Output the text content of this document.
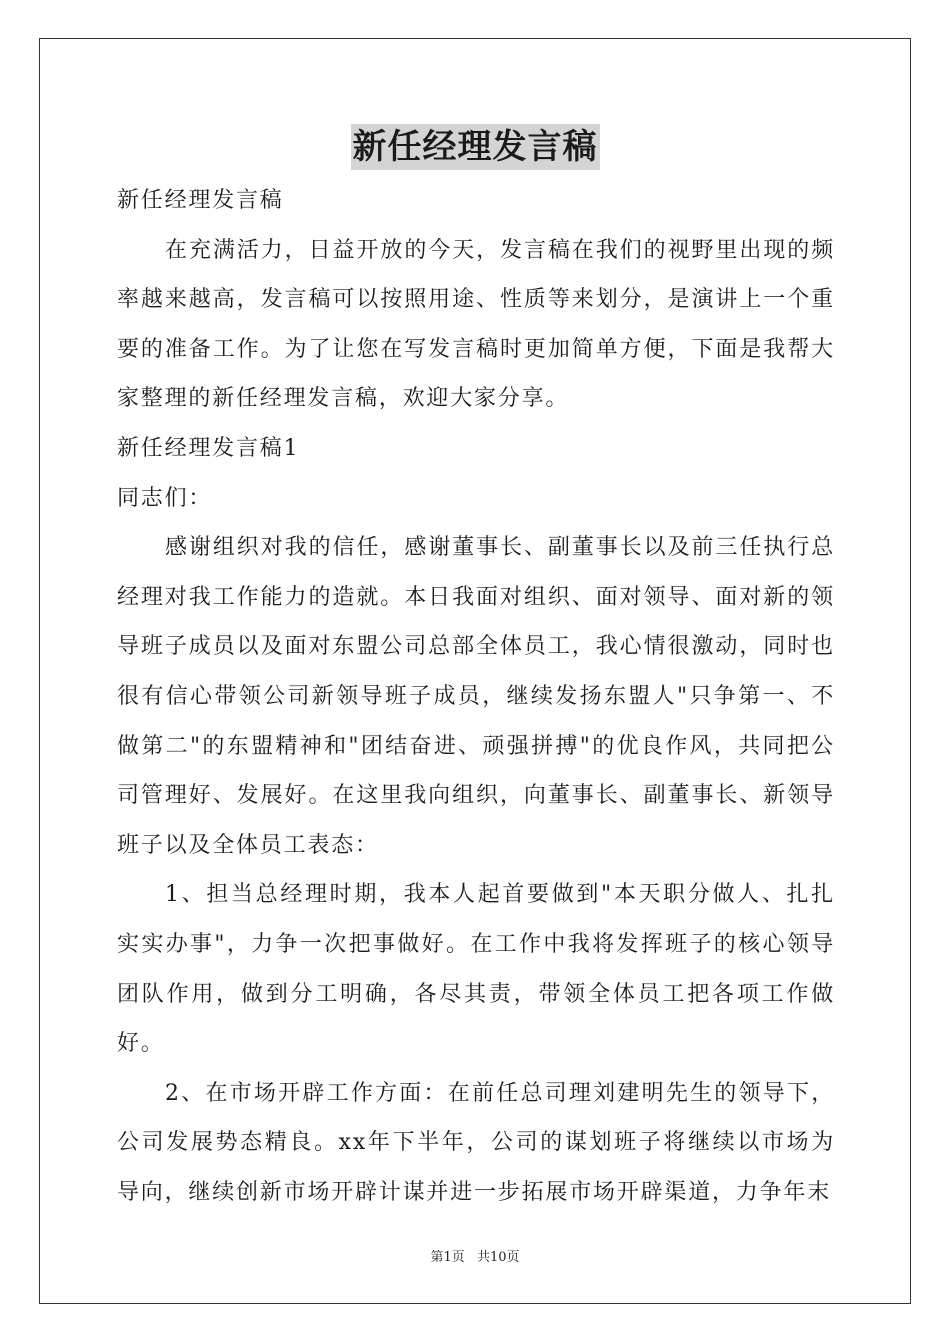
新任经理发言稿

新任经理发言稿

在充满活力，日益开放的今天，发言稿在我们的视野里出现的频率越来越高，发言稿可以按照用途、性质等来划分，是演讲上一个重要的准备工作。为了让您在写发言稿时更加简单方便，下面是我帮大家整理的新任经理发言稿，欢迎大家分享。

新任经理发言稿1

同志们：

感谢组织对我的信任，感谢董事长、副董事长以及前三任执行总经理对我工作能力的造就。本日我面对组织、面对领导、面对新的领导班子成员以及面对东盟公司总部全体员工，我心情很激动，同时也很有信心带领公司新领导班子成员，继续发扬东盟人"只争第一、不做第二"的东盟精神和"团结奋进、顽强拼搏"的优良作风，共同把公司管理好、发展好。在这里我向组织，向董事长、副董事长、新领导班子以及全体员工表态：

1、担当总经理时期，我本人起首要做到"本天职分做人、扎扎实实办事"，力争一次把事做好。在工作中我将发挥班子的核心领导团队作用，做到分工明确，各尽其责，带领全体员工把各项工作做好。

2、在市场开辟工作方面：在前任总司理刘建明先生的领导下，公司发展势态精良。xx年下半年，公司的谋划班子将继续以市场为导向，继续创新市场开辟计谋并进一步拓展市场开辟渠道，力争年末

第1页 共10页
